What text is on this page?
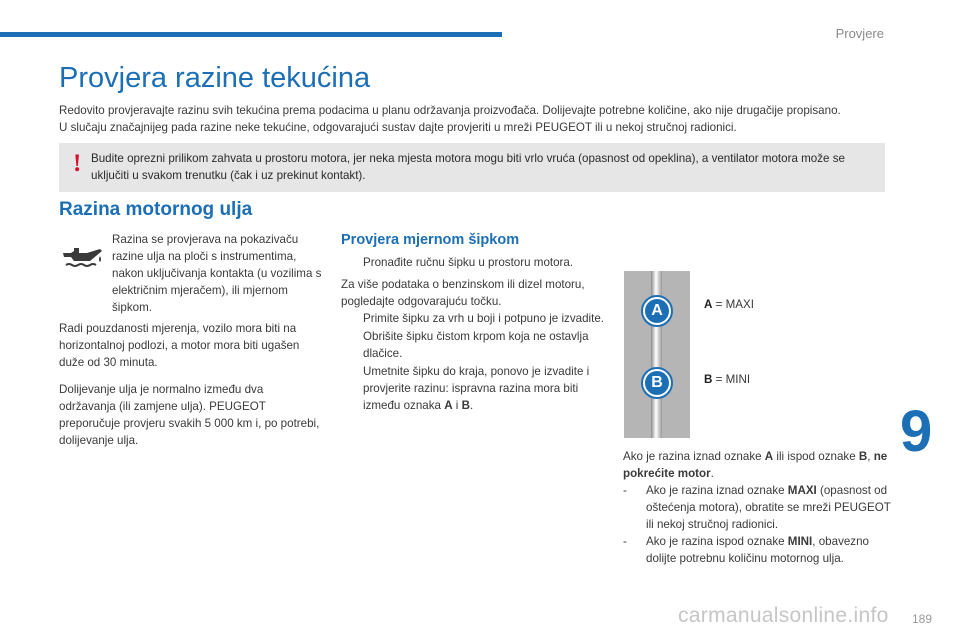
Provjere
Provjera razine tekućina

Redovito provjeravajte razinu svih tekućina prema podacima u planu održavanja proizvođača. Dolijevajte potrebne količine, ako nije drugačije propisano.

U slučaju značajnijeg pada razine neke tekućine, odgovarajući sustav dajte provjeriti u mreži PEUGEOT ili u nekoj stručnoj radionici.

! Budite oprezni prilikom zahvata u prostoru motora, jer neka mjesta motora mogu biti vrlo vruća (opasnost od opeklina), a ventilator motora može se uključiti u svakom trenutku (čak i uz prekinut kontakt).
Razina motornog ulja
Razina se provjerava na pokazivaču razine ulja na ploči s instrumentima, nakon uključivanja kontakta (u vozilima s električnim mjeračem), ili mjernom šipkom.

Radi pouzdanosti mjerenja, vozilo mora biti na horizontalnoj podlozi, a motor mora biti ugašen duže od 30 minuta.

Dolijevanje ulja je normalno između dva održavanja (ili zamjene ulja). PEUGEOT preporučuje provjeru svakih 5 000 km i, po potrebi, dolijevanje ulja.

Provjera mjernom šipkom

Pronađite ručnu šipku u prostoru motora.

Za više podataka o benzinskom ili dizel motoru, pogledajte odgovarajuću točku.

Primite šipku za vrh u boji i potpuno je izvadite.

Obrišite šipku čistom krpom koja ne ostavlja dlačice.

Umetnite šipku do kraja, ponovo je izvadite i provjerite razinu: ispravna razina mora biti između oznaka A i B.

A
B
A = MAXI
B = MINI

Ako je razina iznad oznake A ili ispod oznake B, ne pokrećite motor.

- Ako je razina iznad oznake MAXI (opasnost od oštećenja motora), obratite se mreži PEUGEOT ili nekoj stručnoj radionici.

- Ako je razina ispod oznake MINI, obavezno dolijte potrebnu količinu motornog ulja.

9
carmanualsonline.info 189
